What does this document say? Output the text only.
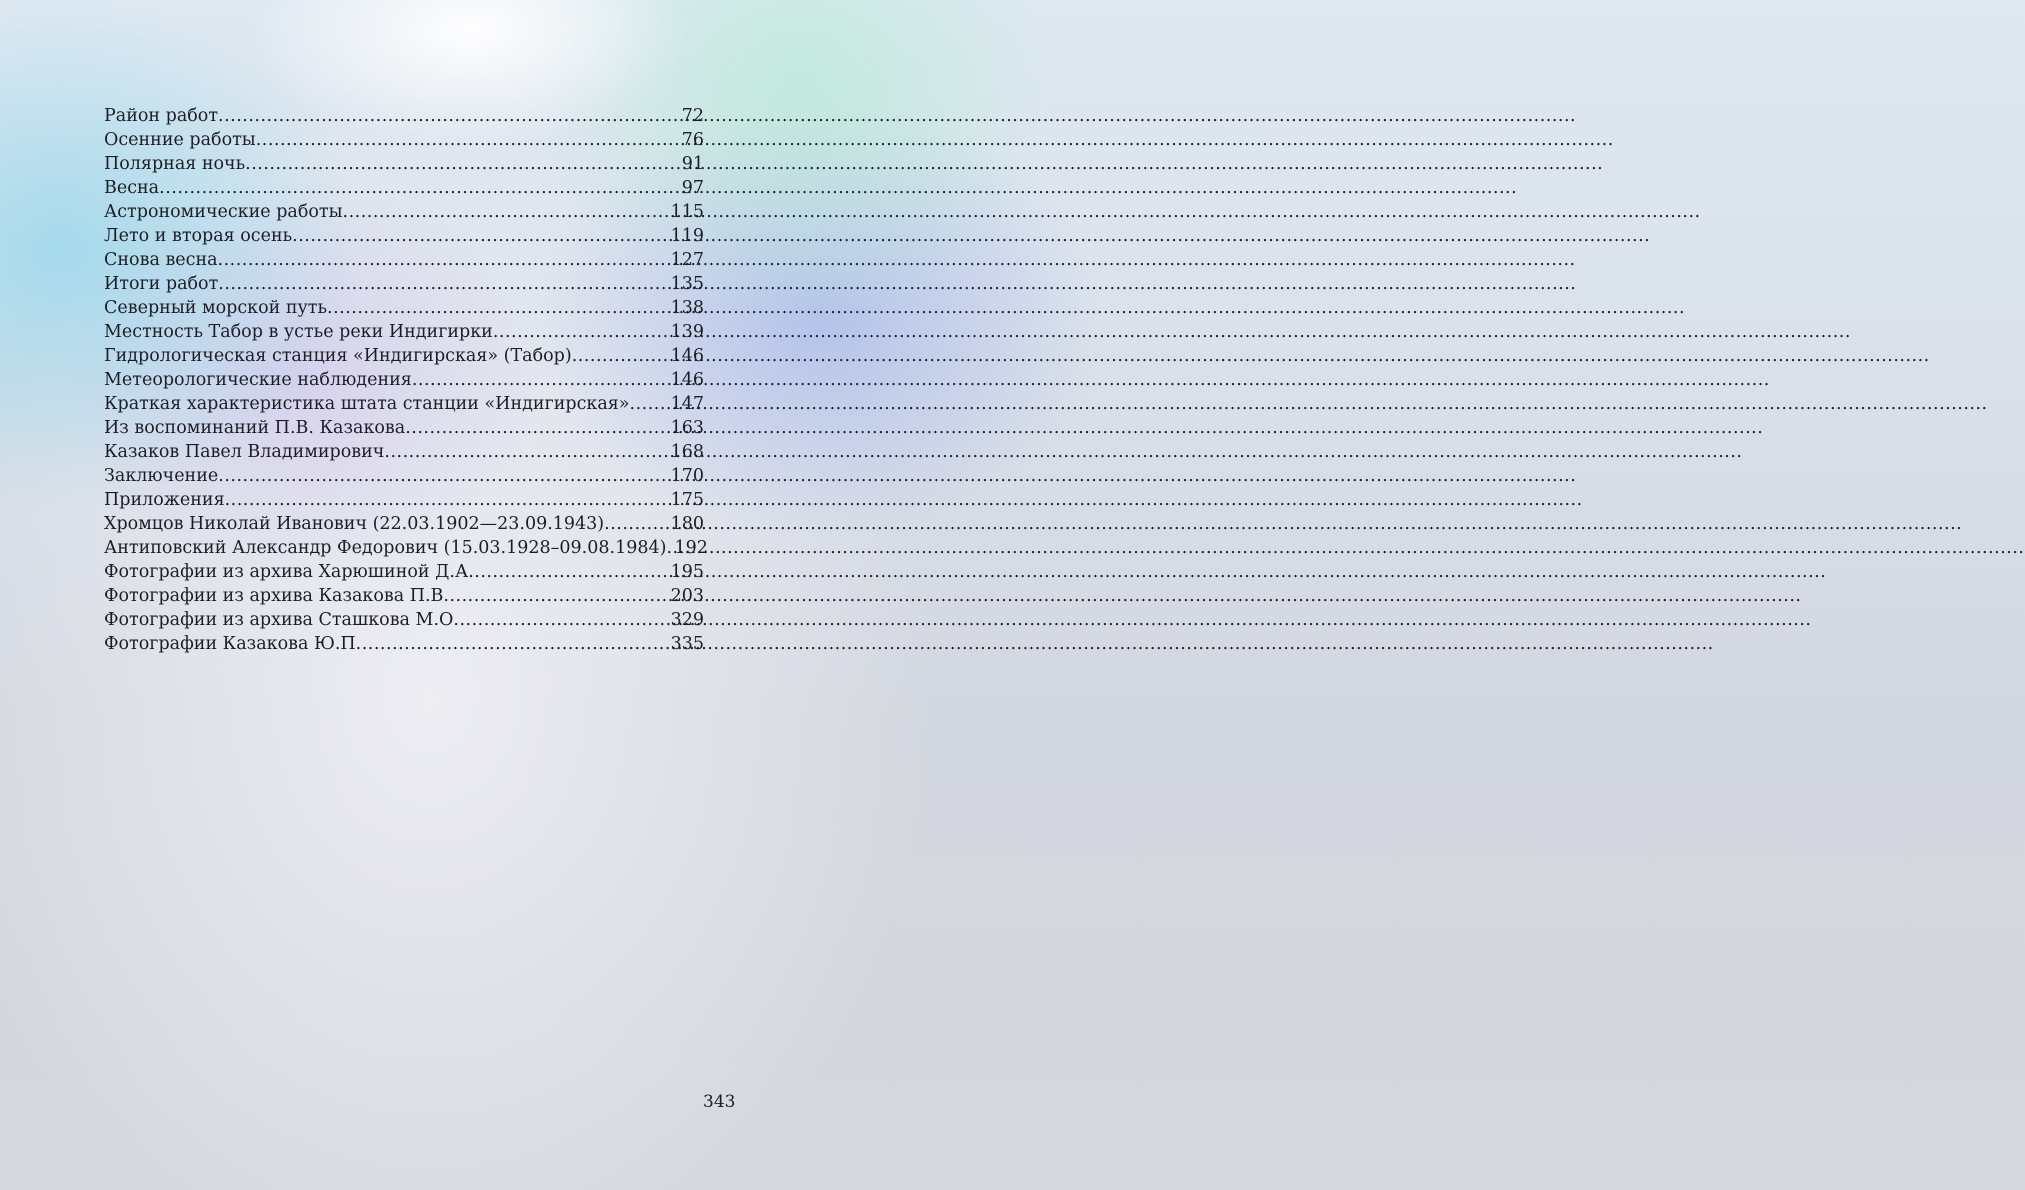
Район работ .....	72
Осенние работы .....	76
Полярная ночь .....	91
Весна .....	97
Астрономические работы .....	115
Лето и вторая осень .....	119
Снова весна .....	127
Итоги работ .....	135
Северный морской путь .....	138
Местность Табор в устье реки Индигирки .....	139
Гидрологическая станция «Индигирская» (Табор) .....	146
Метеорологические наблюдения .....	146
Краткая характеристика штата станции «Индигирская» ..... 147
Из воспоминаний П.В. Казакова .....	163
Казаков Павел Владимирович .....	168
Заключение .....	170
Приложения .....	175
Хромцов Николай Иванович (22.03.1902—23.09.1943) .....	180
Антиповский Александр Федорович (15.03.1928–09.08.1984) ..... 192
Фотографии из архива Харюшиной Д.А .....	195
Фотографии из архива Казакова П.В .....	203
Фотографии из архива Сташкова М.О .....	329
Фотографии Казакова Ю.П .....	335
343
